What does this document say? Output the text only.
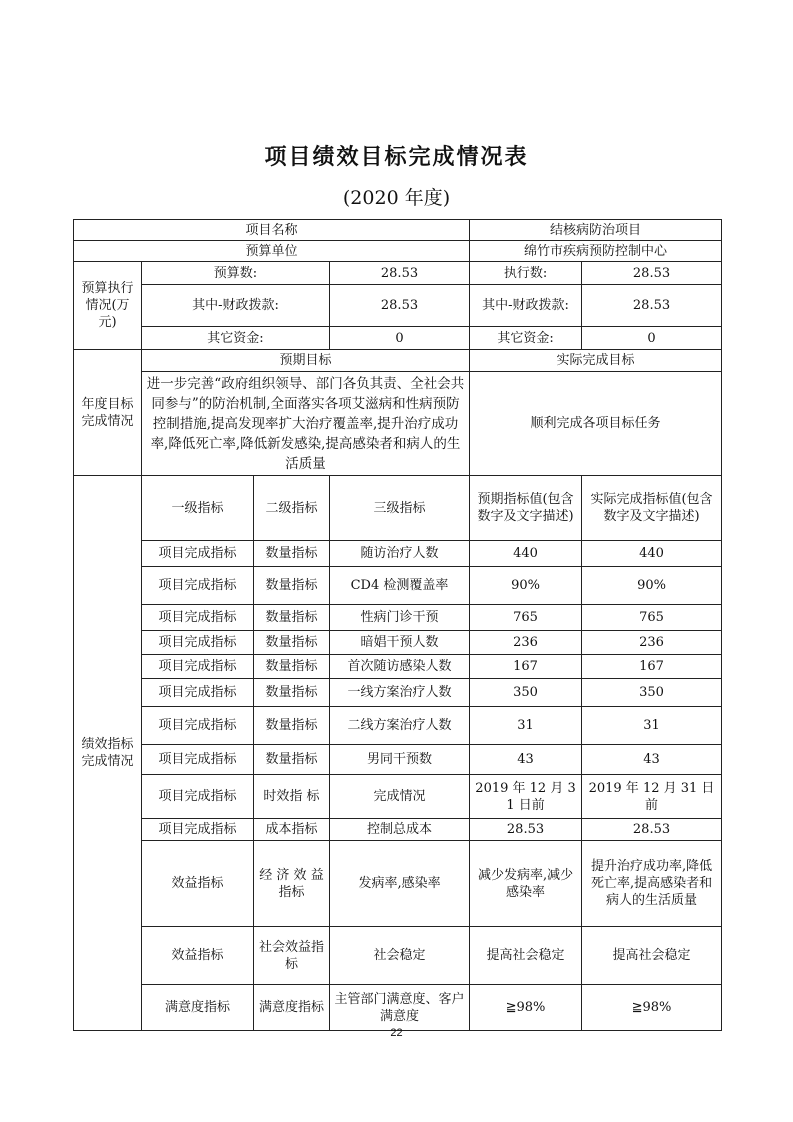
项目绩效目标完成情况表
(2020 年度)
项目名称				结核病防治项目	
预算单位				绵竹市疾病预防控制中心	
预算执行情况(万元)	预算数:		28.53	执行数:	28.53
	其中-财政拨款:		28.53	其中-财政拨款:	28.53
	其它资金:		0	其它资金:	0
年度目标完成情况	预期目标			实际完成目标	
	进一步完善“政府组织领导、部门各负其责、全社会共同参与”的防治机制,全面落实各项艾滋病和性病预防控制措施,提高发现率扩大治疗覆盖率,提升治疗成功率,降低死亡率,降低新发感染,提高感染者和病人的生活质量			顺利完成各项目标任务	
绩效指标完成情况	一级指标	二级指标	三级指标	预期指标值(包含数字及文字描述)	实际完成指标值(包含数字及文字描述)
	项目完成指标	数量指标	随访治疗人数	440	440
	项目完成指标	数量指标	CD4 检测覆盖率	90%	90%
	项目完成指标	数量指标	性病门诊干预	765	765
	项目完成指标	数量指标	暗娼干预人数	236	236
	项目完成指标	数量指标	首次随访感染人数	167	167
	项目完成指标	数量指标	一线方案治疗人数	350	350
	项目完成指标	数量指标	二线方案治疗人数	31	31
	项目完成指标	数量指标	男同干预数	43	43
	项目完成指标	时效指 标	完成情况	2019 年 12 月 31 日前	2019 年 12 月 31 日前
	项目完成指标	成本指标	控制总成本	28.53	28.53
	效益指标	经 济 效 益 指标	发病率,感染率	减少发病率,减少感染率	提升治疗成功率,降低死亡率,提高感染者和病人的生活质量
	效益指标	社会效益指标	社会稳定	提高社会稳定	提高社会稳定
	满意度指标	满意度指标	主管部门满意度、客户满意度	≧98%	≧98%
22
